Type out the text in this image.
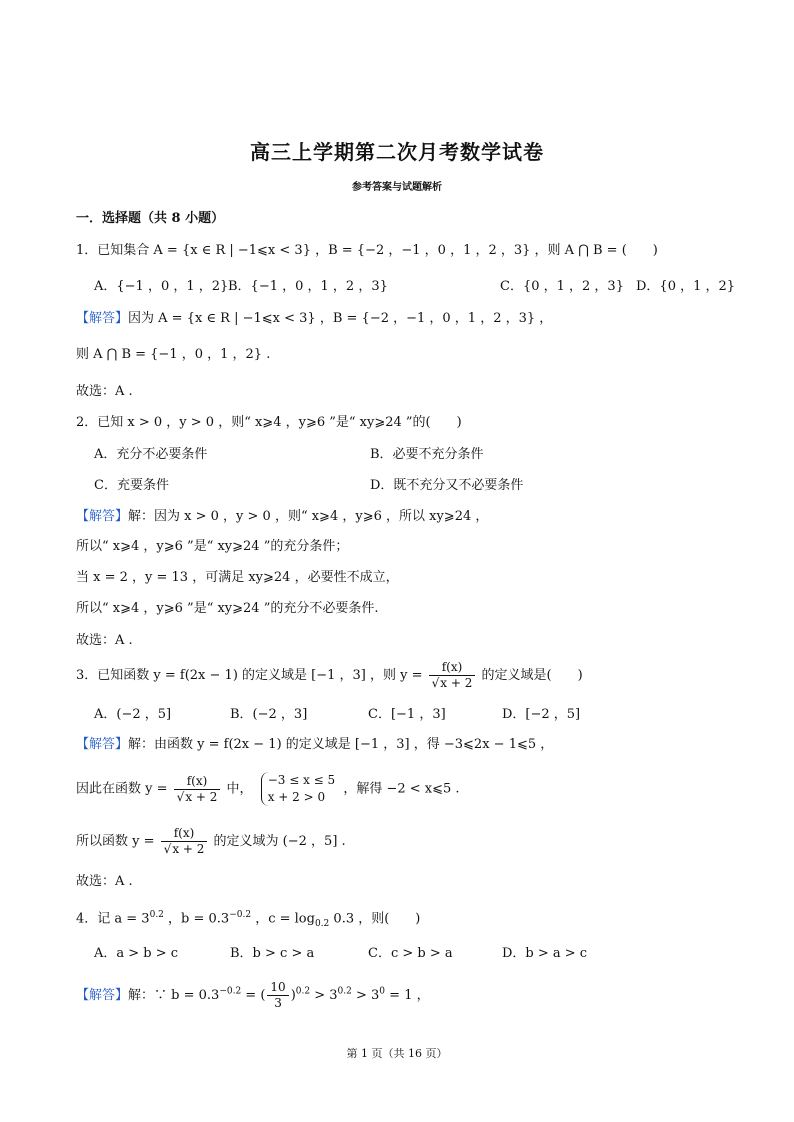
高三上学期第二次月考数学试卷
参考答案与试题解析
一．选择题（共 8 小题）
1．已知集合 A = {x ∈ R | −1⩽x < 3} ，B = {−2 ，−1 ，0 ，1 ，2 ，3} ，则 A ⋂ B = (　　)
A．{−1 ，0 ，1 ，2} B．{−1 ，0 ，1 ，2 ，3}	C．{0 ，1 ，2 ，3} D．{0 ，1 ，2}
【解答】因为 A = {x ∈ R | −1⩽x < 3} ，B = {−2 ，−1 ，0 ，1 ，2 ，3} ，
则 A ⋂ B = {−1 ，0 ，1 ，2} .
故选：A .
2．已知 x > 0 ，y > 0 ，则“ x⩾4 ，y⩾6 ”是“ xy⩾24 ”的(　　)
A．充分不必要条件	B．必要不充分条件
C．充要条件	D．既不充分又不必要条件
【解答】解：因为 x > 0 ，y > 0 ，则“ x⩾4 ，y⩾6 ，所以 xy⩾24 ，
所以“ x⩾4 ，y⩾6 ”是“ xy⩾24 ”的充分条件；
当 x = 2 ，y = 13 ，可满足 xy⩾24 ，必要性不成立，
所以“ x⩾4 ，y⩾6 ”是“ xy⩾24 ”的充分不必要条件.
故选：A .
3．已知函数 y = f(2x − 1) 的定义域是 [−1 ，3] ，则 $y = \frac{f(x)}{√x + 2}$ 的定义域是(　　)
A．(−2 ，5]	B．(−2 ，3]	C．[−1 ，3]	D．[−2 ，5]
【解答】解：由函数 y = f(2x − 1) 的定义域是 [−1 ，3] ，得 −3⩽2x − 1⩽5 ，
因此在函数 $y = \frac{f(x)}{√x + 2}$ 中，
−3 ≤ x ≤ 5
x + 2 > 0
，解得 −2 < x⩽5 .
所以函数 $y = \frac{f(x)}{√x + 2}$ 的定义域为 (−2 ，5] .
故选：A .
4．记 $a = 3^{0.2}$ ，$b = 0.3^{-0.2}$ ，$c = \log_{0.2} 0.3$ ，则(　　)
A．a > b > c	B．b > c > a	C．c > b > a	D．b > a > c
【解答】解：∵ $b = 0.3^{-0.2}$ = ( $\frac{10}{3} )^{0.2} > 3^{0.2} > 3^0 = 1$ ，
第 1 页（共 16 页）
